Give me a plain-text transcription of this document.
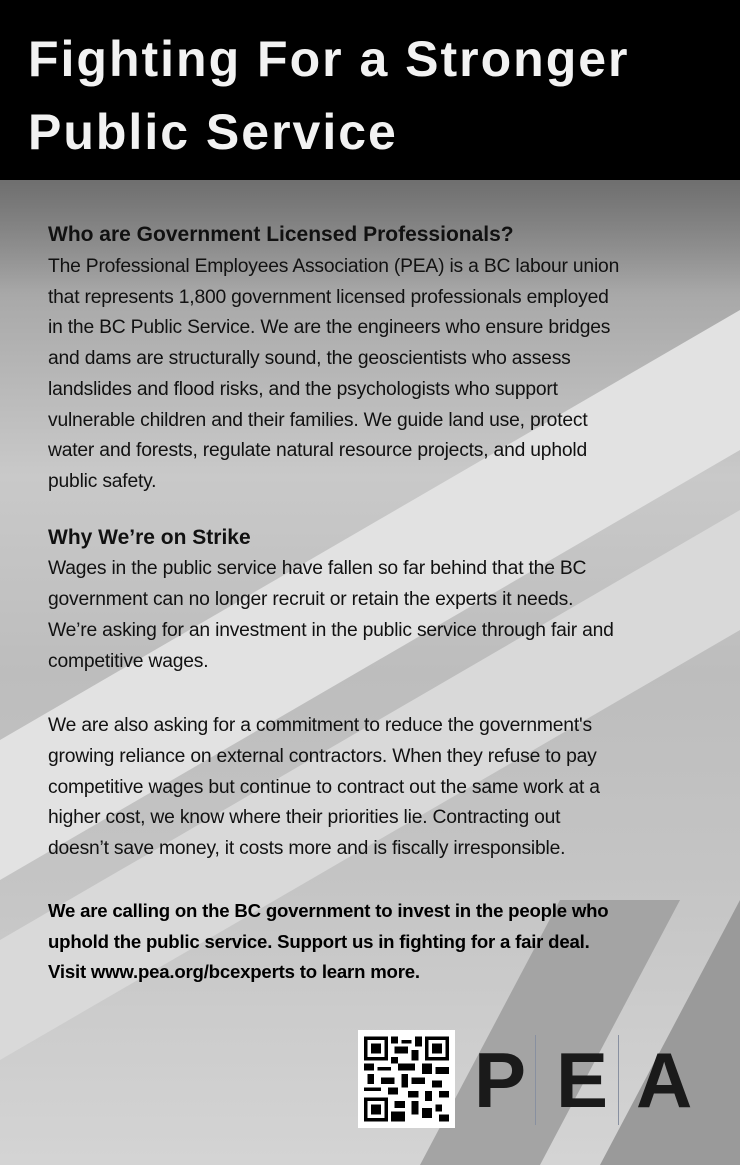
Fighting For a Stronger
Public Service
Who are Government Licensed Professionals?
The Professional Employees Association (PEA) is a BC labour union
that represents 1,800 government licensed professionals employed
in the BC Public Service. We are the engineers who ensure bridges
and dams are structurally sound, the geoscientists who assess
landslides and flood risks, and the psychologists who support
vulnerable children and their families. We guide land use, protect
water and forests, regulate natural resource projects, and uphold
public safety.
Why We’re on Strike
Wages in the public service have fallen so far behind that the BC
government can no longer recruit or retain the experts it needs.
We’re asking for an investment in the public service through fair and
competitive wages.
We are also asking for a commitment to reduce the government's
growing reliance on external contractors. When they refuse to pay
competitive wages but continue to contract out the same work at a
higher cost, we know where their priorities lie. Contracting out
doesn’t save money, it costs more and is fiscally irresponsible.
We are calling on the BC government to invest in the people who
uphold the public service. Support us in fighting for a fair deal.
Visit www.pea.org/bcexperts to learn more.
P E A
